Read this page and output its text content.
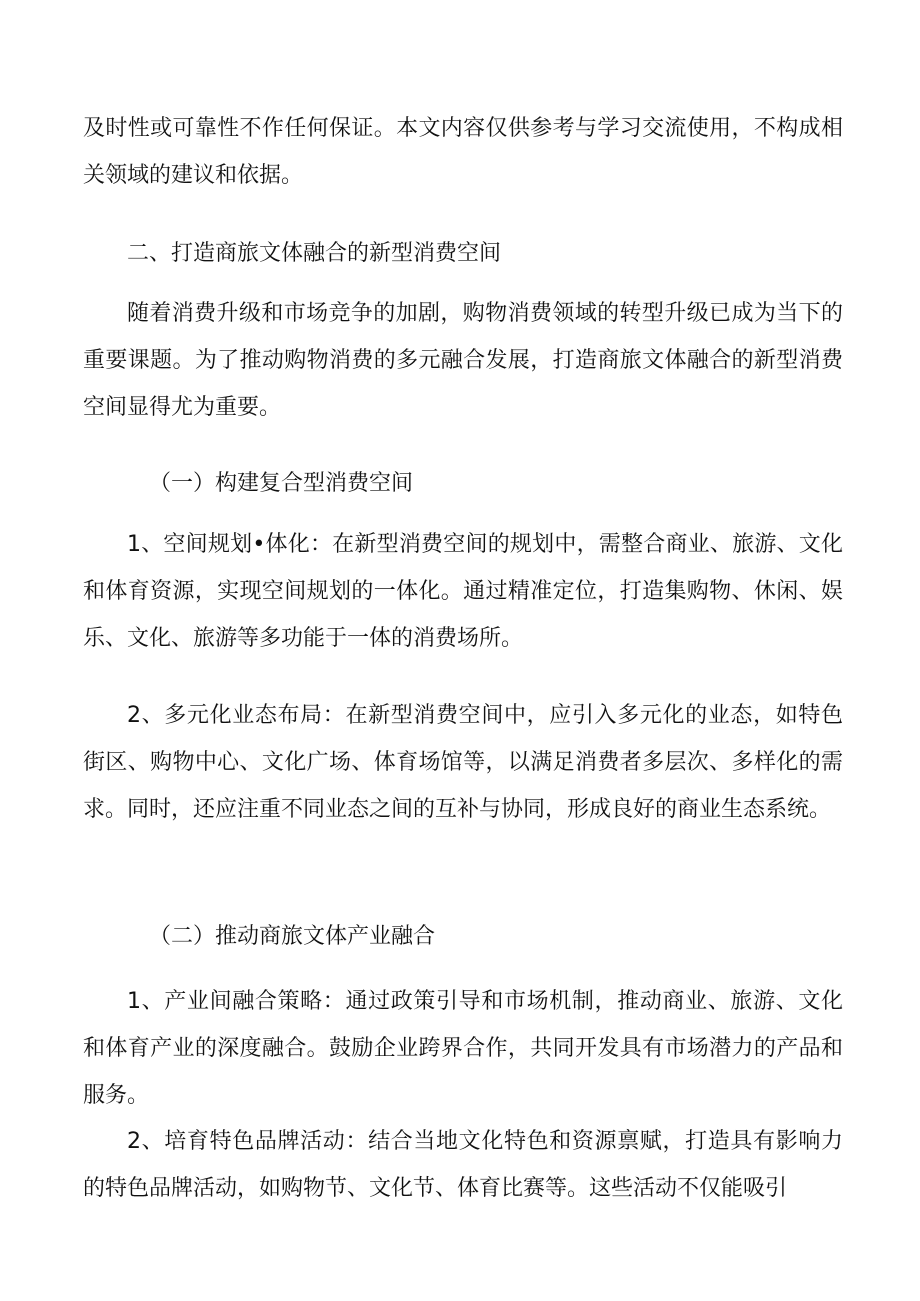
及时性或可靠性不作任何保证。本文内容仅供参考与学习交流使用，不构成相关领域的建议和依据。

二、打造商旅文体融合的新型消费空间

随着消费升级和市场竞争的加剧，购物消费领域的转型升级已成为当下的重要课题。为了推动购物消费的多元融合发展，打造商旅文体融合的新型消费空间显得尤为重要。

（一）构建复合型消费空间

1、空间规划•体化：在新型消费空间的规划中，需整合商业、旅游、文化和体育资源，实现空间规划的一体化。通过精准定位，打造集购物、休闲、娱乐、文化、旅游等多功能于一体的消费场所。

2、多元化业态布局：在新型消费空间中，应引入多元化的业态，如特色街区、购物中心、文化广场、体育场馆等，以满足消费者多层次、多样化的需求。同时，还应注重不同业态之间的互补与协同，形成良好的商业生态系统。

（二）推动商旅文体产业融合

1、产业间融合策略：通过政策引导和市场机制，推动商业、旅游、文化和体育产业的深度融合。鼓励企业跨界合作，共同开发具有市场潜力的产品和服务。

2、培育特色品牌活动：结合当地文化特色和资源禀赋，打造具有影响力的特色品牌活动，如购物节、文化节、体育比赛等。这些活动不仅能吸引
